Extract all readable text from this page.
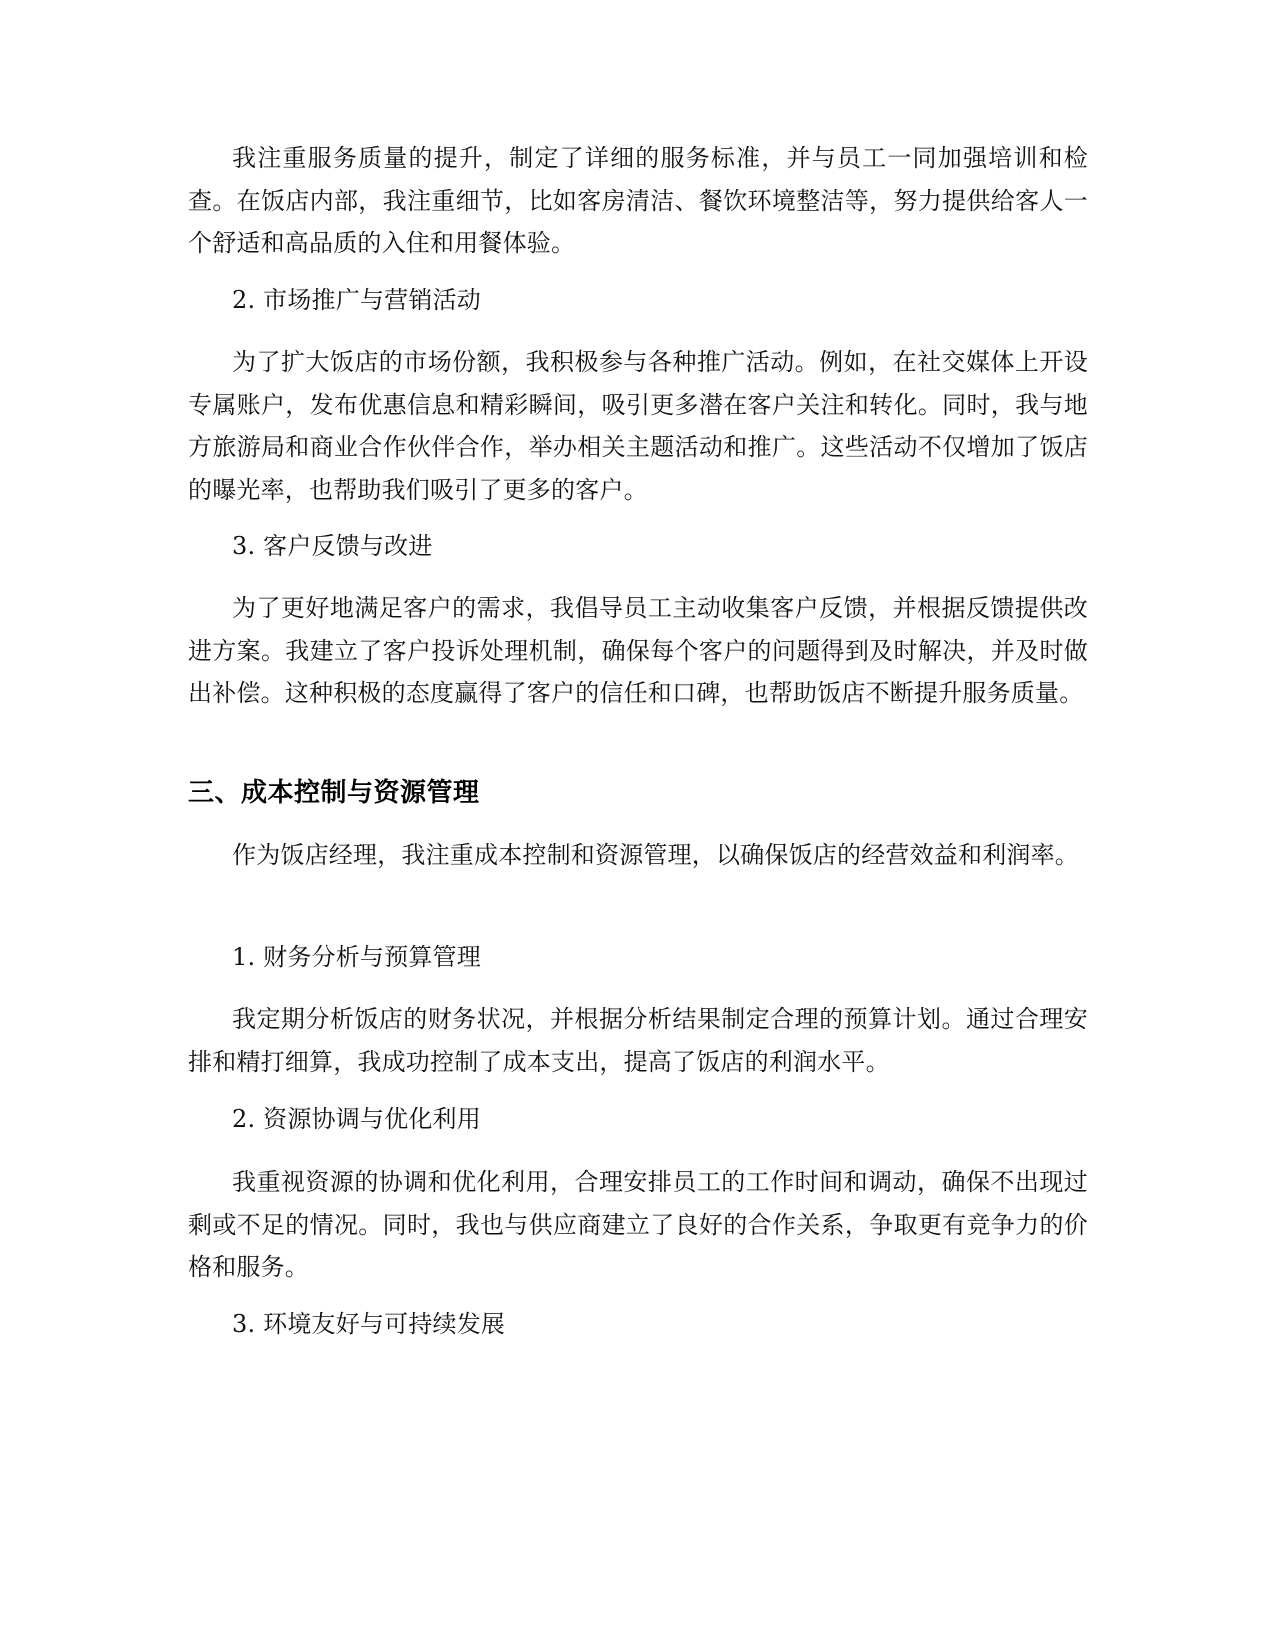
我注重服务质量的提升，制定了详细的服务标准，并与员工一同加强培训和检查。在饭店内部，我注重细节，比如客房清洁、餐饮环境整洁等，努力提供给客人一个舒适和高品质的入住和用餐体验。

2. 市场推广与营销活动

为了扩大饭店的市场份额，我积极参与各种推广活动。例如，在社交媒体上开设专属账户，发布优惠信息和精彩瞬间，吸引更多潜在客户关注和转化。同时，我与地方旅游局和商业合作伙伴合作，举办相关主题活动和推广。这些活动不仅增加了饭店的曝光率，也帮助我们吸引了更多的客户。

3. 客户反馈与改进

为了更好地满足客户的需求，我倡导员工主动收集客户反馈，并根据反馈提供改进方案。我建立了客户投诉处理机制，确保每个客户的问题得到及时解决，并及时做出补偿。这种积极的态度赢得了客户的信任和口碑，也帮助饭店不断提升服务质量。

三、成本控制与资源管理

作为饭店经理，我注重成本控制和资源管理，以确保饭店的经营效益和利润率。

1. 财务分析与预算管理

我定期分析饭店的财务状况，并根据分析结果制定合理的预算计划。通过合理安排和精打细算，我成功控制了成本支出，提高了饭店的利润水平。

2. 资源协调与优化利用

我重视资源的协调和优化利用，合理安排员工的工作时间和调动，确保不出现过剩或不足的情况。同时，我也与供应商建立了良好的合作关系，争取更有竞争力的价格和服务。

3. 环境友好与可持续发展
